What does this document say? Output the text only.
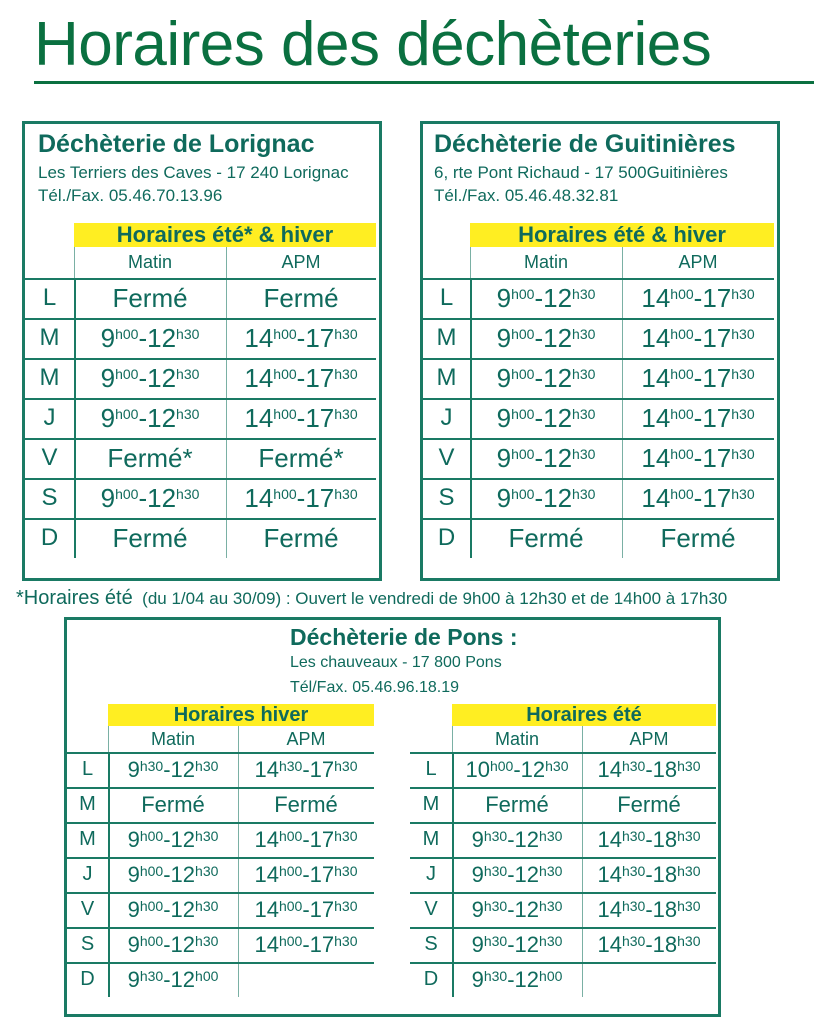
Horaires des déchèteries
Déchèterie de Lorignac
Les Terriers des Caves - 17 240 Lorignac
Tél./Fax. 05.46.70.13.96
Déchèterie de Guitinières
6, rte Pont Richaud - 17 500Guitinières
Tél./Fax. 05.46.48.32.81
*Horaires été (du 1/04 au 30/09) : Ouvert le vendredi de 9h00 à 12h30 et de 14h00 à 17h30
Déchèterie de Pons :
Les chauveaux - 17 800 Pons
Tél/Fax. 05.46.96.18.19
Horaires été* & hiver
Matin	APM
L	Fermé	Fermé
M	$9^{h00} - 12^{h30}$ $14^{h00} - 17^{h30}$
M	$9^{h00} - 12^{h30}$ $14^{h00} - 17^{h30}$
J	$9^{h00} - 12^{h30}$ $14^{h00} - 17^{h30}$
V	Fermé*	Fermé*
S	$9^{h00} - 12^{h30}$ $14^{h00} - 17^{h30}$
D	Fermé	Fermé
Horaires été & hiver
Matin	APM
L	$9^{h00} - 12^{h30}$ $14^{h00} - 17^{h30}$
M	$9^{h00} - 12^{h30}$ $14^{h00} - 17^{h30}$
M	$9^{h00} - 12^{h30}$ $14^{h00} - 17^{h30}$
J	$9^{h00} - 12^{h30}$ $14^{h00} - 17^{h30}$
V	$9^{h00} - 12^{h30}$ $14^{h00} - 17^{h30}$
S	$9^{h00} - 12^{h30}$ $14^{h00} - 17^{h30}$
D	Fermé	Fermé
Horaires hiver
Matin	APM
L	$9^{h30} - 12^{h30}$ $14^{h30} - 17^{h30}$
M	Fermé	Fermé
M	$9^{h00} - 12^{h30}$ $14^{h00} - 17^{h30}$
J	$9^{h00} - 12^{h30}$ $14^{h00} - 17^{h30}$
V	$9^{h00} - 12^{h30}$ $14^{h00} - 17^{h30}$
S	$9^{h00} - 12^{h30}$ $14^{h00} - 17^{h30}$
D	$9^{h30} - 12^{h00}$
Horaires été
Matin	APM
L	$10^{h00} - 12^{h30}$ $14^{h30} - 18^{h30}$
M	Fermé	Fermé
M	$9^{h30} - 12^{h30}$ $14^{h30} - 18^{h30}$
J	$9^{h30} - 12^{h30}$ $14^{h30} - 18^{h30}$
V	$9^{h30} - 12^{h30}$ $14^{h30} - 18^{h30}$
S	$9^{h30} - 12^{h30}$ $14^{h30} - 18^{h30}$
D	$9^{h30} - 12^{h00}$
